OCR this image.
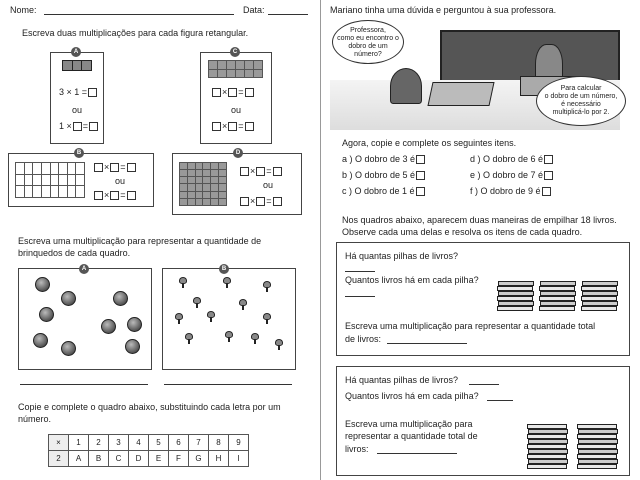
Nome:	Data:
Escreva duas multiplicações para cada figura retangular.
3 × 1 =
ou
1 × =
A

× =
ou
× =
C

× =
ou
× =
B

× =
ou
× =
D
Escreva uma multiplicação para representar a quantidade de
brinquedos de cada quadro.
A	B
Copie e complete o quadro abaixo, substituindo cada letra por um
número.
×	1	2	3	4	5	6	7	8	9
2	A	B	C	D	E	F	G	H	I
Mariano tinha uma dúvida e perguntou à sua professora.
Professora,
como eu encontro o
dobro de um
número?
Para calcular
o dobro de um número,
é necessário
multiplicá-lo por 2.
Agora, copie e complete os seguintes itens.
a ) O dobro de 3 é
b ) O dobro de 5 é
c ) O dobro de 1 é
d ) O dobro de 6 é
e ) O dobro de 7 é
f ) O dobro de 9 é
Nos quadros abaixo, aparecem duas maneiras de empilhar 18 livros.
Observe cada uma delas e resolva os itens de cada quadro.
Há quantas pilhas de livros?
Quantos livros há em cada pilha?
Escreva uma multiplicação para representar a quantidade total
de livros:
Há quantas pilhas de livros?
Quantos livros há em cada pilha?
Escreva uma multiplicação para
representar a quantidade total de
livros:
